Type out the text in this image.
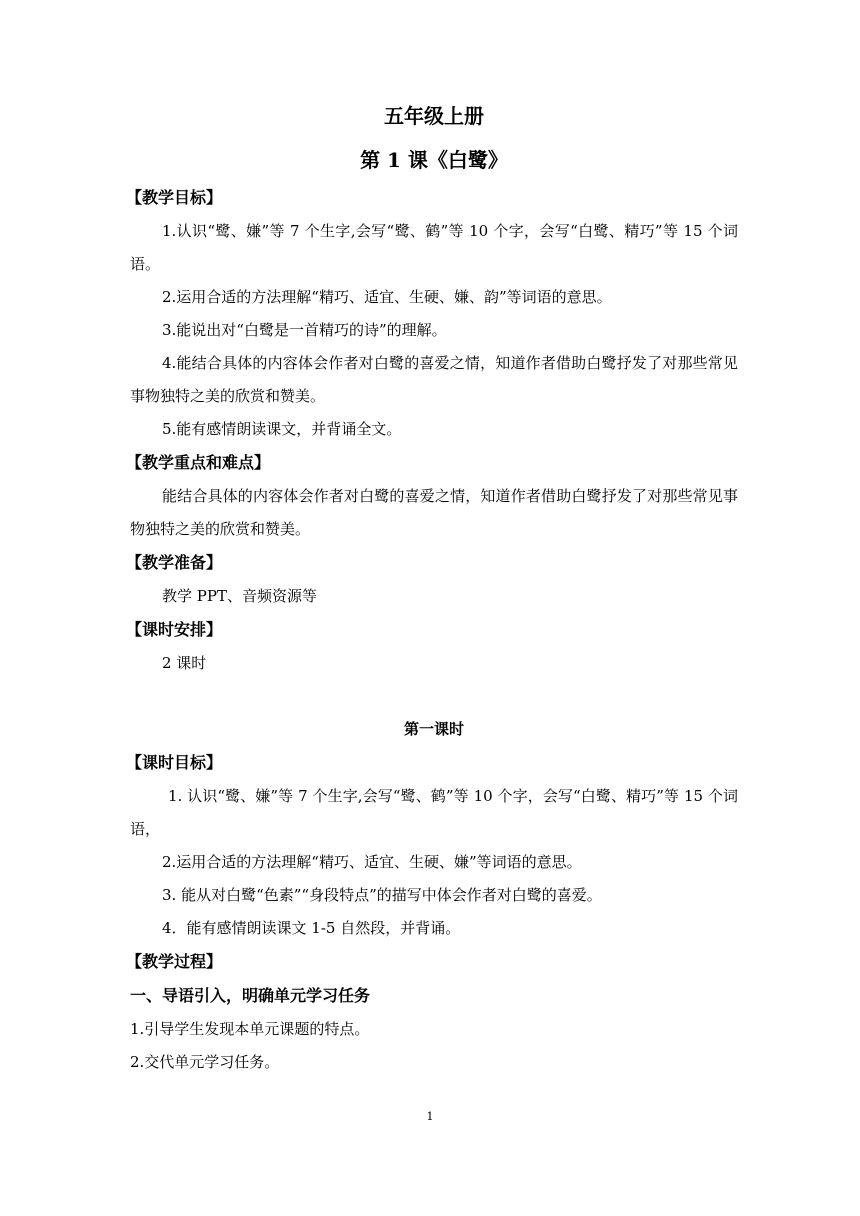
五年级上册
第 1 课《白鹭》
【教学目标】
1.认识“鹭、嫌”等 7 个生字,会写“鹭、鹤”等 10 个字，会写“白鹭、精巧”等 15 个词语。
2.运用合适的方法理解“精巧、适宜、生硬、嫌、韵”等词语的意思。
3.能说出对“白鹭是一首精巧的诗”的理解。
4.能结合具体的内容体会作者对白鹭的喜爱之情，知道作者借助白鹭抒发了对那些常见事物独特之美的欣赏和赞美。
5.能有感情朗读课文，并背诵全文。
【教学重点和难点】
能结合具体的内容体会作者对白鹭的喜爱之情，知道作者借助白鹭抒发了对那些常见事物独特之美的欣赏和赞美。
【教学准备】
教学 PPT、音频资源等
【课时安排】
2 课时
第一课时
【课时目标】
1. 认识“鹭、嫌”等 7 个生字,会写“鹭、鹤”等 10 个字，会写“白鹭、精巧”等 15 个词语，
2.运用合适的方法理解“精巧、适宜、生硬、嫌”等词语的意思。
3. 能从对白鹭“色素”“身段特点”的描写中体会作者对白鹭的喜爱。
4．能有感情朗读课文 1-5 自然段，并背诵。
【教学过程】
一、导语引入，明确单元学习任务
1.引导学生发现本单元课题的特点。
2.交代单元学习任务。
1
